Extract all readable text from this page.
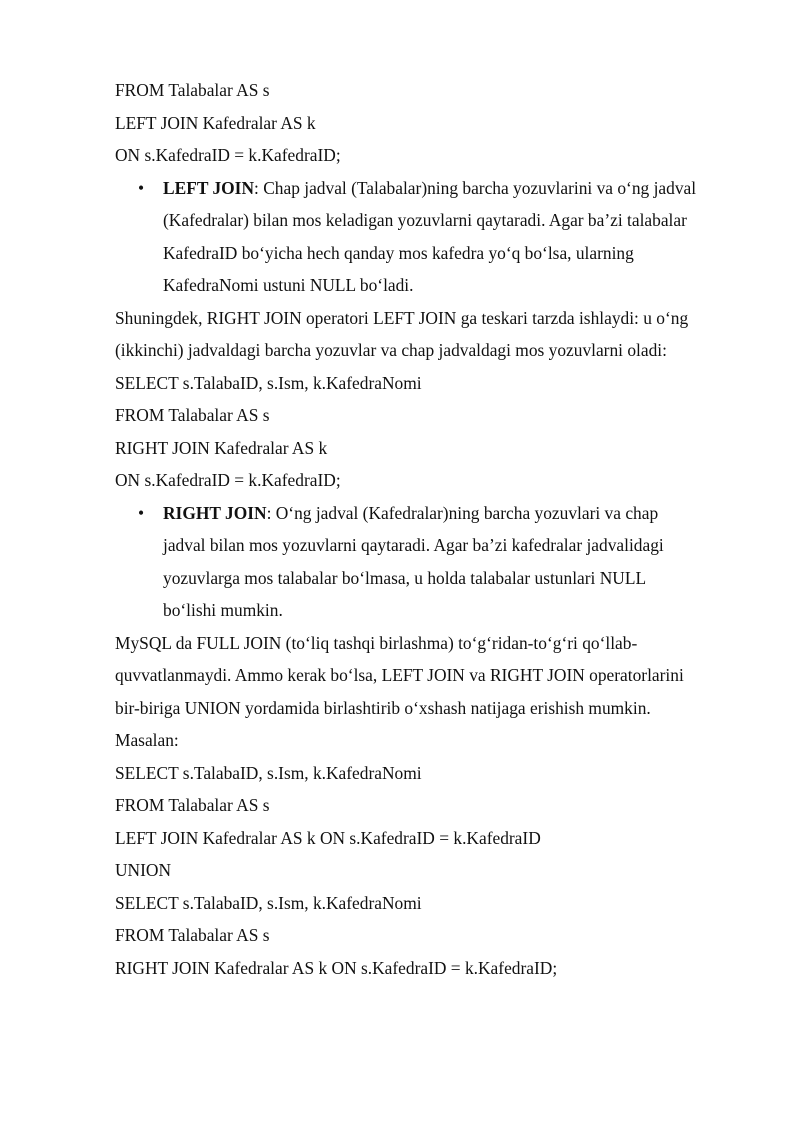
FROM Talabalar AS s
LEFT JOIN Kafedralar AS k
ON s.KafedraID = k.KafedraID;
• LEFT JOIN: Chap jadval (Talabalar)ning barcha yozuvlarini va o‘ng jadval
(Kafedralar) bilan mos keladigan yozuvlarni qaytaradi. Agar ba’zi talabalar
KafedraID bo‘yicha hech qanday mos kafedra yo‘q bo‘lsa, ularning
KafedraNomi ustuni NULL bo‘ladi.
Shuningdek, RIGHT JOIN operatori LEFT JOIN ga teskari tarzda ishlaydi: u o‘ng
(ikkinchi) jadvaldagi barcha yozuvlar va chap jadvaldagi mos yozuvlarni oladi:
SELECT s.TalabaID, s.Ism, k.KafedraNomi
FROM Talabalar AS s
RIGHT JOIN Kafedralar AS k
ON s.KafedraID = k.KafedraID;
• RIGHT JOIN: O‘ng jadval (Kafedralar)ning barcha yozuvlari va chap
jadval bilan mos yozuvlarni qaytaradi. Agar ba’zi kafedralar jadvalidagi
yozuvlarga mos talabalar bo‘lmasa, u holda talabalar ustunlari NULL
bo‘lishi mumkin.
MySQL da FULL JOIN (to‘liq tashqi birlashma) to‘g‘ridan-to‘g‘ri qo‘llab-
quvvatlanmaydi. Ammo kerak bo‘lsa, LEFT JOIN va RIGHT JOIN operatorlarini
bir-biriga UNION yordamida birlashtirib o‘xshash natijaga erishish mumkin.
Masalan:
SELECT s.TalabaID, s.Ism, k.KafedraNomi
FROM Talabalar AS s
LEFT JOIN Kafedralar AS k ON s.KafedraID = k.KafedraID
UNION
SELECT s.TalabaID, s.Ism, k.KafedraNomi
FROM Talabalar AS s
RIGHT JOIN Kafedralar AS k ON s.KafedraID = k.KafedraID;
